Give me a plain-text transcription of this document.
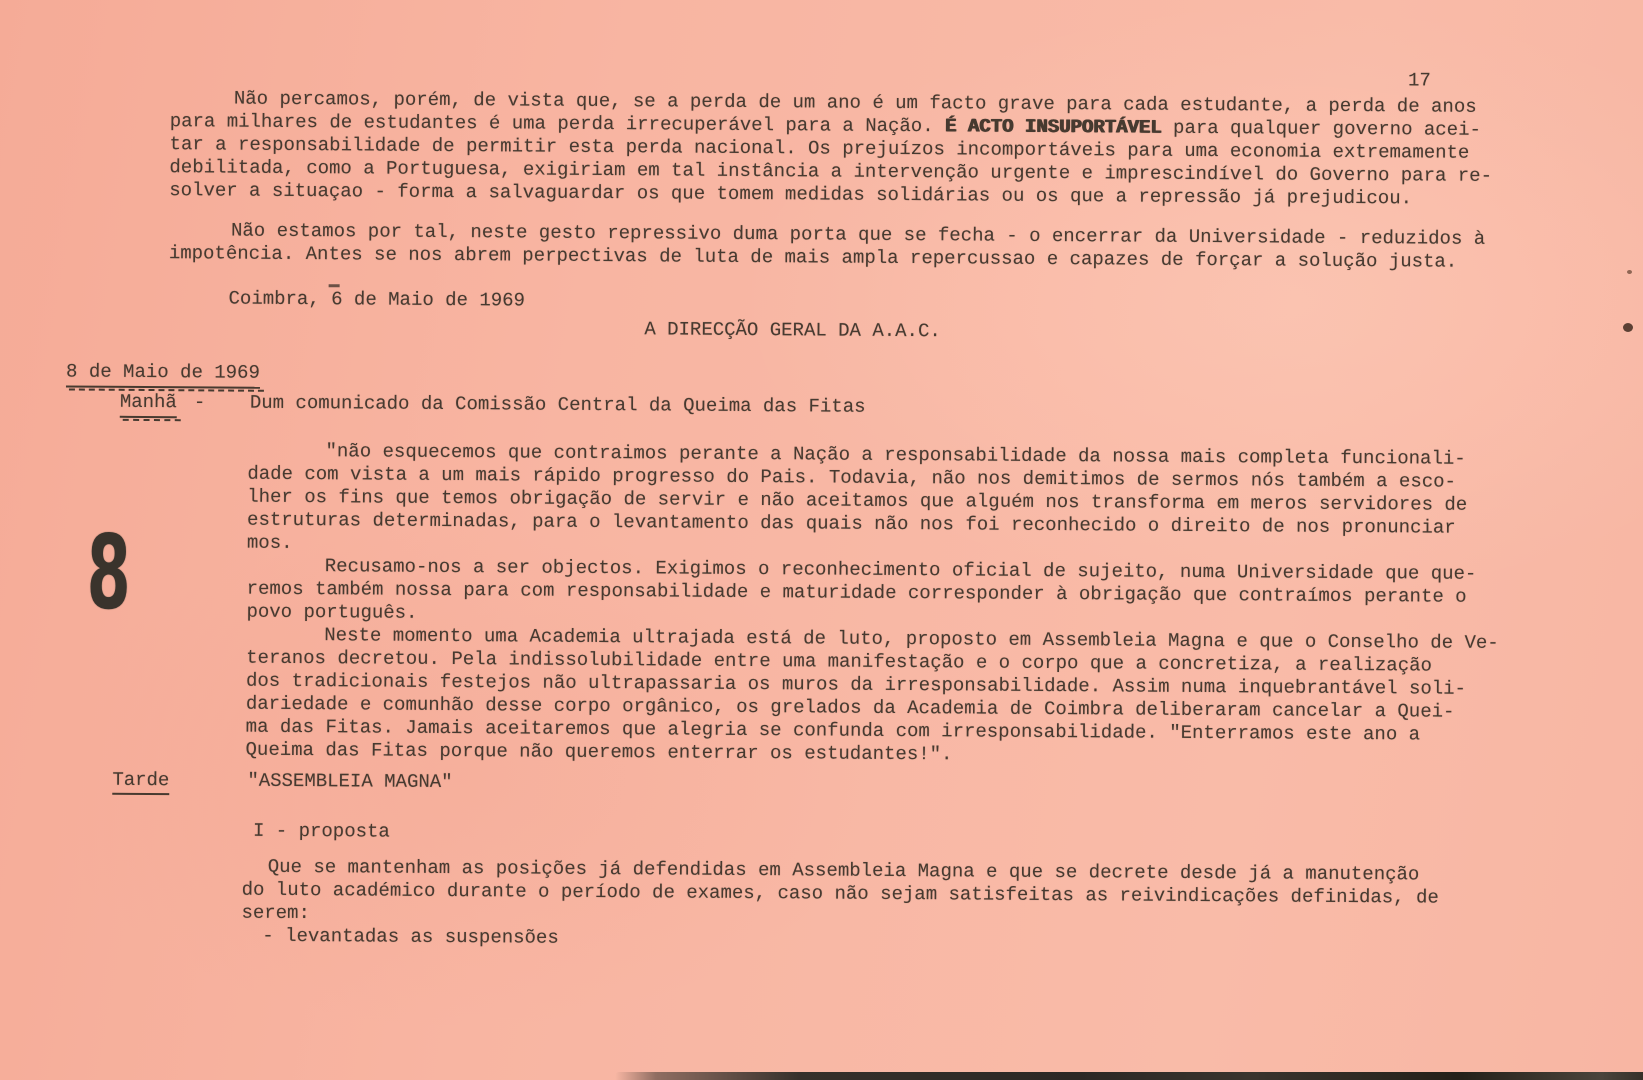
17

Não percamos, porém, de vista que, se a perda de um ano é um facto grave para cada estudante, a perda de anos
para milhares de estudantes é uma perda irrecuperável para a Nação. É ACTO INSUPORTÁVEL para qualquer governo acei-
tar a responsabilidade de permitir esta perda nacional. Os prejuízos incomportáveis para uma economia extremamente
debilitada, como a Portuguesa, exigiriam em tal instância a intervenção urgente e imprescindível do Governo para re-
solver a situaçao - forma a salvaguardar os que tomem medidas solidárias ou os que a repressão já prejudicou.

Não estamos por tal, neste gesto repressivo duma porta que se fecha - o encerrar da Universidade - reduzidos à
impotência. Antes se nos abrem perpectivas de luta de mais ampla repercussao e capazes de forçar a solução justa.

Coimbra, 6 de Maio de 1969
A DIRECÇÃO GERAL DA A.A.C.
8 de Maio de 1969
Manhã - Dum comunicado da Comissão Central da Queima das Fitas

"não esquecemos que contraimos perante a Nação a responsabilidade da nossa mais completa funcionali-
dade com vista a um mais rápido progresso do Pais. Todavia, não nos demitimos de sermos nós também a esco-
lher os fins que temos obrigação de servir e não aceitamos que alguém nos transforma em meros servidores de
estruturas determinadas, para o levantamento das quais não nos foi reconhecido o direito de nos pronunciar
mos.

Recusamo-nos a ser objectos. Exigimos o reconhecimento oficial de sujeito, numa Universidade que que-
remos também nossa para com responsabilidade e maturidade corresponder à obrigação que contraímos perante o
povo português.

Neste momento uma Academia ultrajada está de luto, proposto em Assembleia Magna e que o Conselho de Ve-
teranos decretou. Pela indissolubilidade entre uma manifestação e o corpo que a concretiza, a realização
dos tradicionais festejos não ultrapassaria os muros da irresponsabilidade. Assim numa inquebrantável soli-
dariedade e comunhão desse corpo orgânico, os grelados da Academia de Coimbra deliberaram cancelar a Quei-
ma das Fitas. Jamais aceitaremos que alegria se confunda com irresponsabilidade. "Enterramos este ano a
Queima das Fitas porque não queremos enterrar os estudantes!".

Tarde	"ASSEMBLEIA MAGNA"
I - proposta

Que se mantenham as posições já defendidas em Assembleia Magna e que se decrete desde já a manutenção
do luto académico durante o período de exames, caso não sejam satisfeitas as reivindicações definidas, de
serem:

- levantadas as suspensões
8
